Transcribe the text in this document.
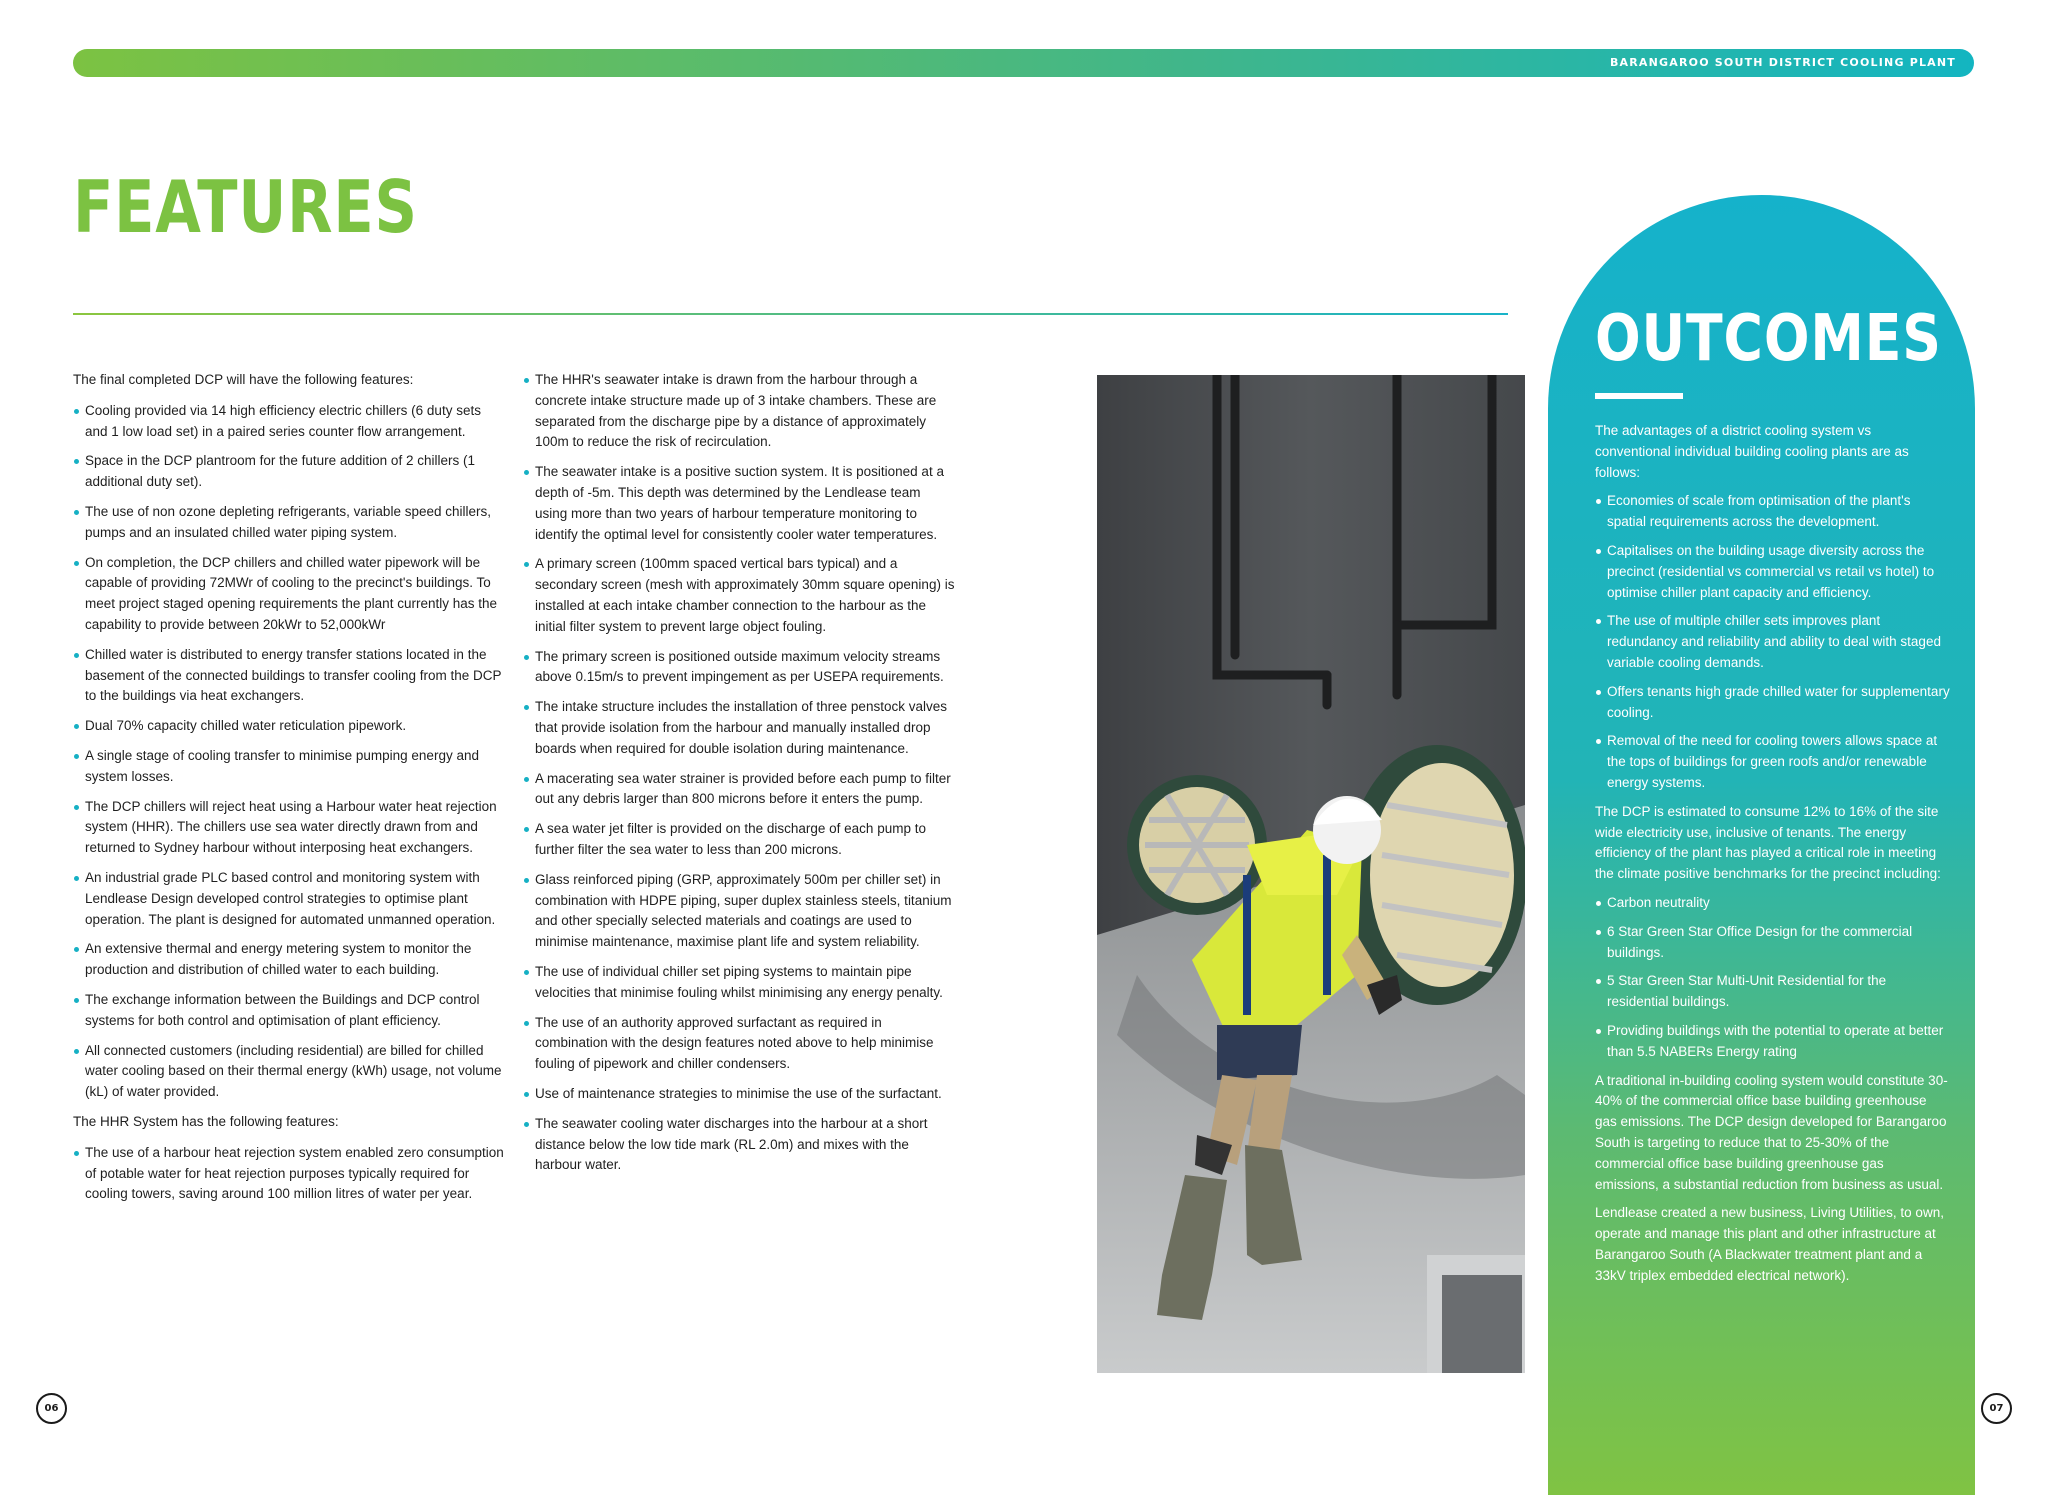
BARANGAROO SOUTH DISTRICT COOLING PLANT
FEATURES

The final completed DCP will have the following features:

Cooling provided via 14 high efficiency electric chillers (6 duty sets and 1 low load set) in a paired series counter flow arrangement.
Space in the DCP plantroom for the future addition of 2 chillers (1 additional duty set).
The use of non ozone depleting refrigerants, variable speed chillers, pumps and an insulated chilled water piping system.
On completion, the DCP chillers and chilled water pipework will be capable of providing 72MWr of cooling to the precinct's buildings. To meet project staged opening requirements the plant currently has the capability to provide between 20kWr to 52,000kWr
Chilled water is distributed to energy transfer stations located in the basement of the connected buildings to transfer cooling from the DCP to the buildings via heat exchangers.
Dual 70% capacity chilled water reticulation pipework.
A single stage of cooling transfer to minimise pumping energy and system losses.
The DCP chillers will reject heat using a Harbour water heat rejection system (HHR). The chillers use sea water directly drawn from and returned to Sydney harbour without interposing heat exchangers.
An industrial grade PLC based control and monitoring system with Lendlease Design developed control strategies to optimise plant operation. The plant is designed for automated unmanned operation.
An extensive thermal and energy metering system to monitor the production and distribution of chilled water to each building.
The exchange information between the Buildings and DCP control systems for both control and optimisation of plant efficiency.
All connected customers (including residential) are billed for chilled water cooling based on their thermal energy (kWh) usage, not volume (kL) of water provided.

The HHR System has the following features:

The use of a harbour heat rejection system enabled zero consumption of potable water for heat rejection purposes typically required for cooling towers, saving around 100 million litres of water per year.
The HHR's seawater intake is drawn from the harbour through a concrete intake structure made up of 3 intake chambers. These are separated from the discharge pipe by a distance of approximately 100m to reduce the risk of recirculation.
The seawater intake is a positive suction system. It is positioned at a depth of -5m. This depth was determined by the Lendlease team using more than two years of harbour temperature monitoring to identify the optimal level for consistently cooler water temperatures.
A primary screen (100mm spaced vertical bars typical) and a secondary screen (mesh with approximately 30mm square opening) is installed at each intake chamber connection to the harbour as the initial filter system to prevent large object fouling.
The primary screen is positioned outside maximum velocity streams above 0.15m/s to prevent impingement as per USEPA requirements.
The intake structure includes the installation of three penstock valves that provide isolation from the harbour and manually installed drop boards when required for double isolation during maintenance.
A macerating sea water strainer is provided before each pump to filter out any debris larger than 800 microns before it enters the pump.
A sea water jet filter is provided on the discharge of each pump to further filter the sea water to less than 200 microns.
Glass reinforced piping (GRP, approximately 500m per chiller set) in combination with HDPE piping, super duplex stainless steels, titanium and other specially selected materials and coatings are used to minimise maintenance, maximise plant life and system reliability.
The use of individual chiller set piping systems to maintain pipe velocities that minimise fouling whilst minimising any energy penalty.
The use of an authority approved surfactant as required in combination with the design features noted above to help minimise fouling of pipework and chiller condensers.
Use of maintenance strategies to minimise the use of the surfactant.
The seawater cooling water discharges into the harbour at a short distance below the low tide mark (RL 2.0m) and mixes with the harbour water.
OUTCOMES

The advantages of a district cooling system vs conventional individual building cooling plants are as follows:

Economies of scale from optimisation of the plant's spatial requirements across the development.
Capitalises on the building usage diversity across the precinct (residential vs commercial vs retail vs hotel) to optimise chiller plant capacity and efficiency.
The use of multiple chiller sets improves plant redundancy and reliability and ability to deal with staged variable cooling demands.
Offers tenants high grade chilled water for supplementary cooling.
Removal of the need for cooling towers allows space at the tops of buildings for green roofs and/or renewable energy systems.

The DCP is estimated to consume 12% to 16% of the site wide electricity use, inclusive of tenants. The energy efficiency of the plant has played a critical role in meeting the climate positive benchmarks for the precinct including:

Carbon neutrality
6 Star Green Star Office Design for the commercial buildings.
5 Star Green Star Multi-Unit Residential for the residential buildings.
Providing buildings with the potential to operate at better than 5.5 NABERs Energy rating

A traditional in-building cooling system would constitute 30-40% of the commercial office base building greenhouse gas emissions. The DCP design developed for Barangaroo South is targeting to reduce that to 25-30% of the commercial office base building greenhouse gas emissions, a substantial reduction from business as usual.

Lendlease created a new business, Living Utilities, to own, operate and manage this plant and other infrastructure at Barangaroo South (A Blackwater treatment plant and a 33kV triplex embedded electrical network).

06	07
